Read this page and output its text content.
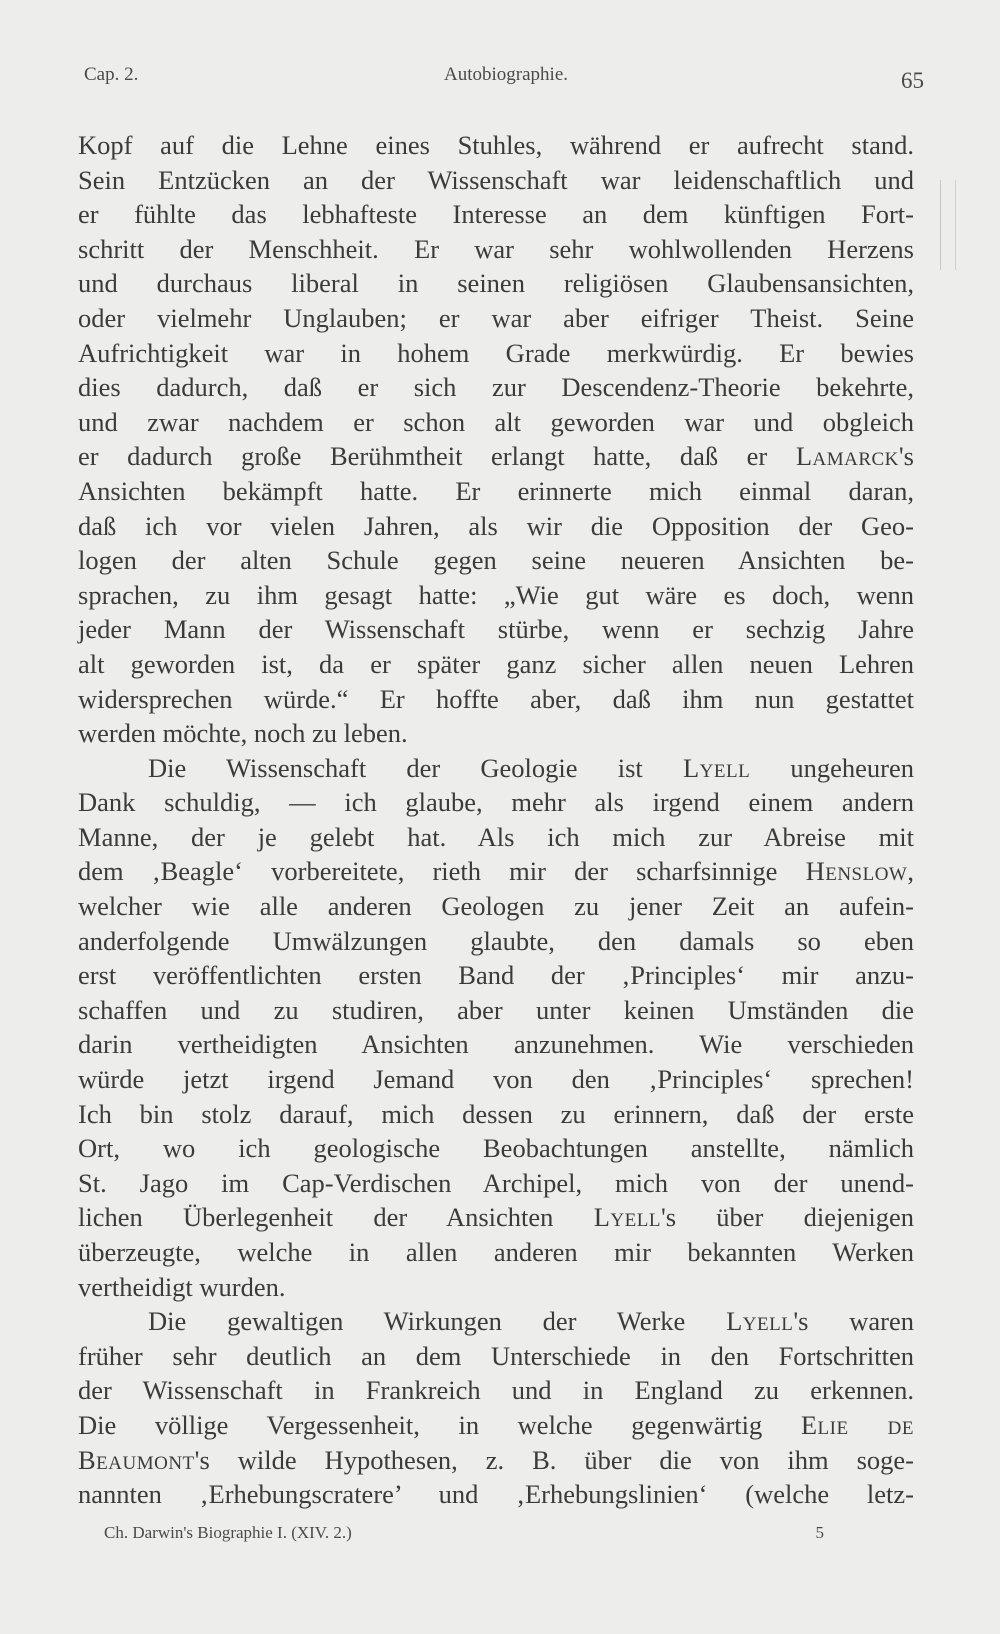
Cap. 2.	Autobiographie.	65

Kopf auf die Lehne eines Stuhles, während er aufrecht stand.

Sein Entzücken an der Wissenschaft war leidenschaftlich und

er fühlte das lebhafteste Interesse an dem künftigen Fort-

schritt der Menschheit. Er war sehr wohlwollenden Herzens

und durchaus liberal in seinen religiösen Glaubensansichten,

oder vielmehr Unglauben; er war aber eifriger Theist. Seine

Aufrichtigkeit war in hohem Grade merkwürdig. Er bewies

dies dadurch, daß er sich zur Descendenz-Theorie bekehrte,

und zwar nachdem er schon alt geworden war und obgleich

er dadurch große Berühmtheit erlangt hatte, daß er Lamarck's

Ansichten bekämpft hatte. Er erinnerte mich einmal daran,

daß ich vor vielen Jahren, als wir die Opposition der Geo-

logen der alten Schule gegen seine neueren Ansichten be-

sprachen, zu ihm gesagt hatte: „Wie gut wäre es doch, wenn

jeder Mann der Wissenschaft stürbe, wenn er sechzig Jahre

alt geworden ist, da er später ganz sicher allen neuen Lehren

widersprechen würde.“ Er hoffte aber, daß ihm nun gestattet

werden möchte, noch zu leben.

Die Wissenschaft der Geologie ist Lyell ungeheuren

Dank schuldig, — ich glaube, mehr als irgend einem andern

Manne, der je gelebt hat. Als ich mich zur Abreise mit

dem ‚Beagle‘ vorbereitete, rieth mir der scharfsinnige Henslow,

welcher wie alle anderen Geologen zu jener Zeit an aufein-

anderfolgende Umwälzungen glaubte, den damals so eben

erst veröffentlichten ersten Band der ‚Principles‘ mir anzu-

schaffen und zu studiren, aber unter keinen Umständen die

darin vertheidigten Ansichten anzunehmen. Wie verschieden

würde jetzt irgend Jemand von den ‚Principles‘ sprechen!

Ich bin stolz darauf, mich dessen zu erinnern, daß der erste

Ort, wo ich geologische Beobachtungen anstellte, nämlich

St. Jago im Cap-Verdischen Archipel, mich von der unend-

lichen Überlegenheit der Ansichten Lyell's über diejenigen

überzeugte, welche in allen anderen mir bekannten Werken

vertheidigt wurden.

Die gewaltigen Wirkungen der Werke Lyell's waren

früher sehr deutlich an dem Unterschiede in den Fortschritten

der Wissenschaft in Frankreich und in England zu erkennen.

Die völlige Vergessenheit, in welche gegenwärtig Elie de

Beaumont's wilde Hypothesen, z. B. über die von ihm soge-

nannten ‚Erhebungscratere’ und ‚Erhebungslinien‘ (welche letz-

Ch. Darwin's Biographie I. (XIV. 2.)	5
